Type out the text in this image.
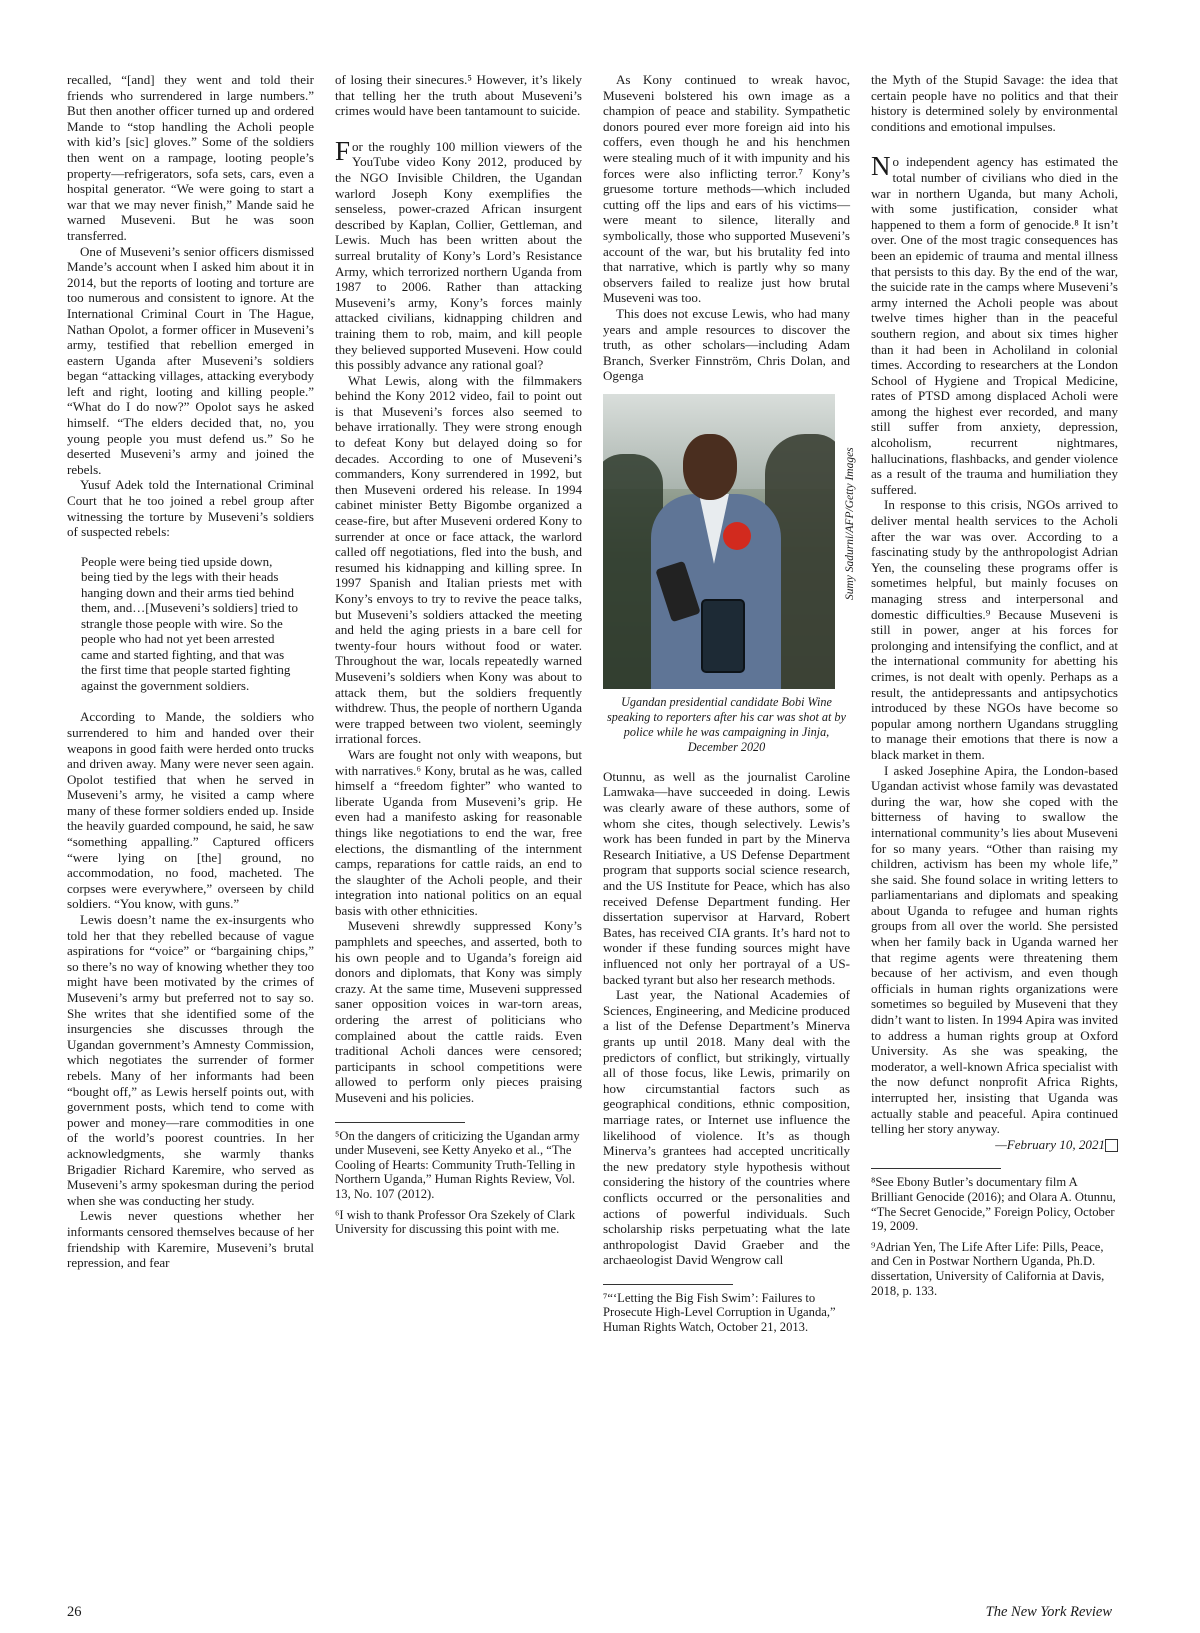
recalled, “[and] they went and told their friends who surrendered in large numbers.” But then another officer turned up and ordered Mande to “stop handling the Acholi people with kid’s [sic] gloves.” Some of the soldiers then went on a rampage, looting people’s property—refrigerators, sofa sets, cars, even a hospital generator. “We were going to start a war that we may never finish,” Mande said he warned Museveni. But he was soon transferred.

One of Museveni’s senior officers dismissed Mande’s account when I asked him about it in 2014, but the reports of looting and torture are too numerous and consistent to ignore. At the International Criminal Court in The Hague, Nathan Opolot, a former officer in Museveni’s army, testified that rebellion emerged in eastern Uganda after Museveni’s soldiers began “attacking villages, attacking everybody left and right, looting and killing people.” “What do I do now?” Opolot says he asked himself. “The elders decided that, no, you young people you must defend us.” So he deserted Museveni’s army and joined the rebels.

Yusuf Adek told the International Criminal Court that he too joined a rebel group after witnessing the torture by Museveni’s soldiers of suspected rebels:

People were being tied upside down, being tied by the legs with their heads hanging down and their arms tied behind them, and…[Museveni’s soldiers] tried to strangle those people with wire. So the people who had not yet been arrested came and started fighting, and that was the first time that people started fighting against the government soldiers.

According to Mande, the soldiers who surrendered to him and handed over their weapons in good faith were herded onto trucks and driven away. Many were never seen again. Opolot testified that when he served in Museveni’s army, he visited a camp where many of these former soldiers ended up. Inside the heavily guarded compound, he said, he saw “something appalling.” Captured officers “were lying on [the] ground, no accommodation, no food, macheted. The corpses were everywhere,” overseen by child soldiers. “You know, with guns.”

Lewis doesn’t name the ex-insurgents who told her that they rebelled because of vague aspirations for “voice” or “bargaining chips,” so there’s no way of knowing whether they too might have been motivated by the crimes of Museveni’s army but preferred not to say so. She writes that she identified some of the insurgencies she discusses through the Ugandan government’s Amnesty Commission, which negotiates the surrender of former rebels. Many of her informants had been “bought off,” as Lewis herself points out, with government posts, which tend to come with power and money—rare commodities in one of the world’s poorest countries. In her acknowledgments, she warmly thanks Brigadier Richard Karemire, who served as Museveni’s army spokesman during the period when she was conducting her study.

Lewis never questions whether her informants censored themselves because of her friendship with Karemire, Museveni’s brutal repression, and fear

of losing their sinecures.⁵ However, it’s likely that telling her the truth about Museveni’s crimes would have been tantamount to suicide.

For the roughly 100 million viewers of the YouTube video Kony 2012, produced by the NGO Invisible Children, the Ugandan warlord Joseph Kony exemplifies the senseless, power-crazed African insurgent described by Kaplan, Collier, Gettleman, and Lewis. Much has been written about the surreal brutality of Kony’s Lord’s Resistance Army, which terrorized northern Uganda from 1987 to 2006. Rather than attacking Museveni’s army, Kony’s forces mainly attacked civilians, kidnapping children and training them to rob, maim, and kill people they believed supported Museveni. How could this possibly advance any rational goal?

What Lewis, along with the filmmakers behind the Kony 2012 video, fail to point out is that Museveni’s forces also seemed to behave irrationally. They were strong enough to defeat Kony but delayed doing so for decades. According to one of Museveni’s commanders, Kony surrendered in 1992, but then Museveni ordered his release. In 1994 cabinet minister Betty Bigombe organized a cease-fire, but after Museveni ordered Kony to surrender at once or face attack, the warlord called off negotiations, fled into the bush, and resumed his kidnapping and killing spree. In 1997 Spanish and Italian priests met with Kony’s envoys to try to revive the peace talks, but Museveni’s soldiers attacked the meeting and held the aging priests in a bare cell for twenty-four hours without food or water. Throughout the war, locals repeatedly warned Museveni’s soldiers when Kony was about to attack them, but the soldiers frequently withdrew. Thus, the people of northern Uganda were trapped between two violent, seemingly irrational forces.

Wars are fought not only with weapons, but with narratives.⁶ Kony, brutal as he was, called himself a “freedom fighter” who wanted to liberate Uganda from Museveni’s grip. He even had a manifesto asking for reasonable things like negotiations to end the war, free elections, the dismantling of the internment camps, reparations for cattle raids, an end to the slaughter of the Acholi people, and their integration into national politics on an equal basis with other ethnicities.

Museveni shrewdly suppressed Kony’s pamphlets and speeches, and asserted, both to his own people and to Uganda’s foreign aid donors and diplomats, that Kony was simply crazy. At the same time, Museveni suppressed saner opposition voices in war-torn areas, ordering the arrest of politicians who complained about the cattle raids. Even traditional Acholi dances were censored; participants in school competitions were allowed to perform only pieces praising Museveni and his policies.

⁵On the dangers of criticizing the Ugandan army under Museveni, see Ketty Anyeko et al., “The Cooling of Hearts: Community Truth-Telling in Northern Uganda,” Human Rights Review, Vol. 13, No. 107 (2012).

⁶I wish to thank Professor Ora Szekely of Clark University for discussing this point with me.

As Kony continued to wreak havoc, Museveni bolstered his own image as a champion of peace and stability. Sympathetic donors poured ever more foreign aid into his coffers, even though he and his henchmen were stealing much of it with impunity and his forces were also inflicting terror.⁷ Kony’s gruesome torture methods—which included cutting off the lips and ears of his victims—were meant to silence, literally and symbolically, those who supported Museveni’s account of the war, but his brutality fed into that narrative, which is partly why so many observers failed to realize just how brutal Museveni was too.

This does not excuse Lewis, who had many years and ample resources to discover the truth, as other scholars—including Adam Branch, Sverker Finnström, Chris Dolan, and Ogenga

Ugandan presidential candidate Bobi Wine speaking to reporters after his car was shot at by police while he was campaigning in Jinja, December 2020

Otunnu, as well as the journalist Caroline Lamwaka—have succeeded in doing. Lewis was clearly aware of these authors, some of whom she cites, though selectively. Lewis’s work has been funded in part by the Minerva Research Initiative, a US Defense Department program that supports social science research, and the US Institute for Peace, which has also received Defense Department funding. Her dissertation supervisor at Harvard, Robert Bates, has received CIA grants. It’s hard not to wonder if these funding sources might have influenced not only her portrayal of a US-backed tyrant but also her research methods.

Last year, the National Academies of Sciences, Engineering, and Medicine produced a list of the Defense Department’s Minerva grants up until 2018. Many deal with the predictors of conflict, but strikingly, virtually all of those focus, like Lewis, primarily on how circumstantial factors such as geographical conditions, ethnic composition, marriage rates, or Internet use influence the likelihood of violence. It’s as though Minerva’s grantees had accepted uncritically the new predatory style hypothesis without considering the history of the countries where conflicts occurred or the personalities and actions of powerful individuals. Such scholarship risks perpetuating what the late anthropologist David Graeber and the archaeologist David Wengrow call

⁷“‘Letting the Big Fish Swim’: Failures to Prosecute High-Level Corruption in Uganda,” Human Rights Watch, October 21, 2013.

Sumy Sadurni/AFP/Getty Images

the Myth of the Stupid Savage: the idea that certain people have no politics and that their history is determined solely by environmental conditions and emotional impulses.

No independent agency has estimated the total number of civilians who died in the war in northern Uganda, but many Acholi, with some justification, consider what happened to them a form of genocide.⁸ It isn’t over. One of the most tragic consequences has been an epidemic of trauma and mental illness that persists to this day. By the end of the war, the suicide rate in the camps where Museveni’s army interned the Acholi people was about twelve times higher than in the peaceful southern region, and about six times higher than it had been in Acholiland in colonial times. According to researchers at the London School of Hygiene and Tropical Medicine, rates of PTSD among displaced Acholi were among the highest ever recorded, and many still suffer from anxiety, depression, alcoholism, recurrent nightmares, hallucinations, flashbacks, and gender violence as a result of the trauma and humiliation they suffered.

In response to this crisis, NGOs arrived to deliver mental health services to the Acholi after the war was over. According to a fascinating study by the anthropologist Adrian Yen, the counseling these programs offer is sometimes helpful, but mainly focuses on managing stress and interpersonal and domestic difficulties.⁹ Because Museveni is still in power, anger at his forces for prolonging and intensifying the conflict, and at the international community for abetting his crimes, is not dealt with openly. Perhaps as a result, the antidepressants and antipsychotics introduced by these NGOs have become so popular among northern Ugandans struggling to manage their emotions that there is now a black market in them.

I asked Josephine Apira, the London-based Ugandan activist whose family was devastated during the war, how she coped with the bitterness of having to swallow the international community’s lies about Museveni for so many years. “Other than raising my children, activism has been my whole life,” she said. She found solace in writing letters to parliamentarians and diplomats and speaking about Uganda to refugee and human rights groups from all over the world. She persisted when her family back in Uganda warned her that regime agents were threatening them because of her activism, and even though officials in human rights organizations were sometimes so beguiled by Museveni that they didn’t want to listen. In 1994 Apira was invited to address a human rights group at Oxford University. As she was speaking, the moderator, a well-known Africa specialist with the now defunct nonprofit Africa Rights, interrupted her, insisting that Uganda was actually stable and peaceful. Apira continued telling her story anyway.

—February 10, 2021

⁸See Ebony Butler’s documentary film A Brilliant Genocide (2016); and Olara A. Otunnu, “The Secret Genocide,” Foreign Policy, October 19, 2009.

⁹Adrian Yen, The Life After Life: Pills, Peace, and Cen in Postwar Northern Uganda, Ph.D. dissertation, University of California at Davis, 2018, p. 133.

26	The New York Review
